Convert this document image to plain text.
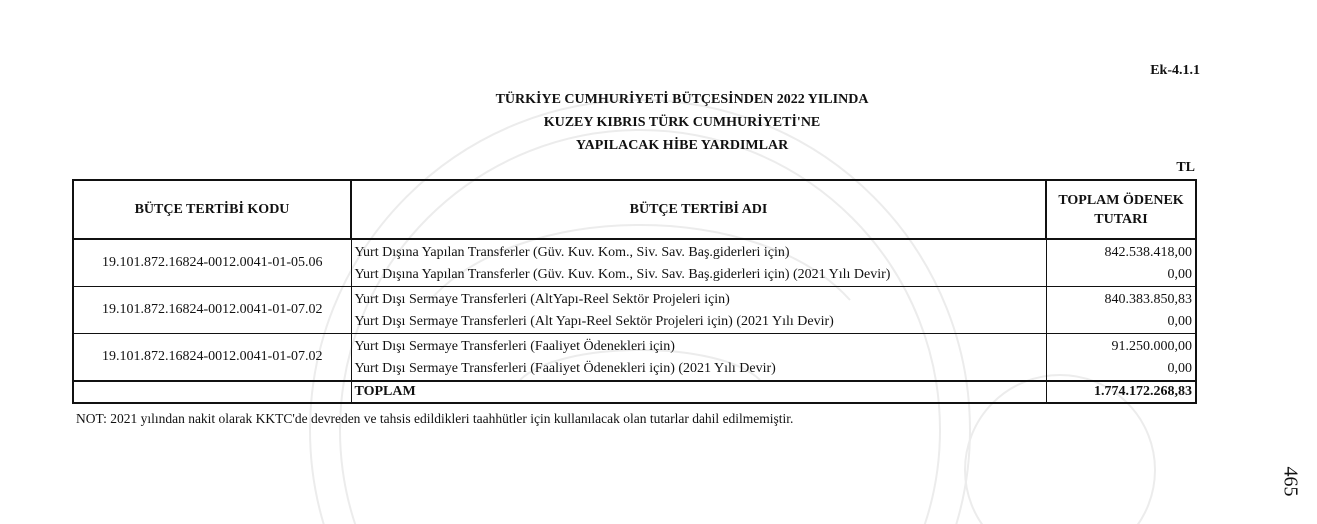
Ek-4.1.1
TÜRKİYE CUMHURİYETİ BÜTÇESİNDEN 2022 YILINDA
KUZEY KIBRIS TÜRK CUMHURİYETİ'NE
YAPILACAK HİBE YARDIMLAR
TL
BÜTÇE TERTİBİ KODU	BÜTÇE TERTİBİ ADI	TOPLAM ÖDENEK
TUTARI
19.101.872.16824-0012.0041-01-05.06	Yurt Dışına Yapılan Transferler (Güv. Kuv. Kom., Siv. Sav. Baş.giderleri için)	842.538.418,00
	Yurt Dışına Yapılan Transferler (Güv. Kuv. Kom., Siv. Sav. Baş.giderleri için) (2021 Yılı Devir)	0,00
19.101.872.16824-0012.0041-01-07.02	Yurt Dışı Sermaye Transferleri (AltYapı-Reel Sektör Projeleri için)	840.383.850,83
	Yurt Dışı Sermaye Transferleri (Alt Yapı-Reel Sektör Projeleri için) (2021 Yılı Devir)	0,00
19.101.872.16824-0012.0041-01-07.02	Yurt Dışı Sermaye Transferleri (Faaliyet Ödenekleri için)	91.250.000,00
	Yurt Dışı Sermaye Transferleri (Faaliyet Ödenekleri için) (2021 Yılı Devir)	0,00
	TOPLAM	1.774.172.268,83
NOT: 2021 yılından nakit olarak KKTC'de devreden ve tahsis edildikleri taahhütler için kullanılacak olan tutarlar dahil edilmemiştir.
465
